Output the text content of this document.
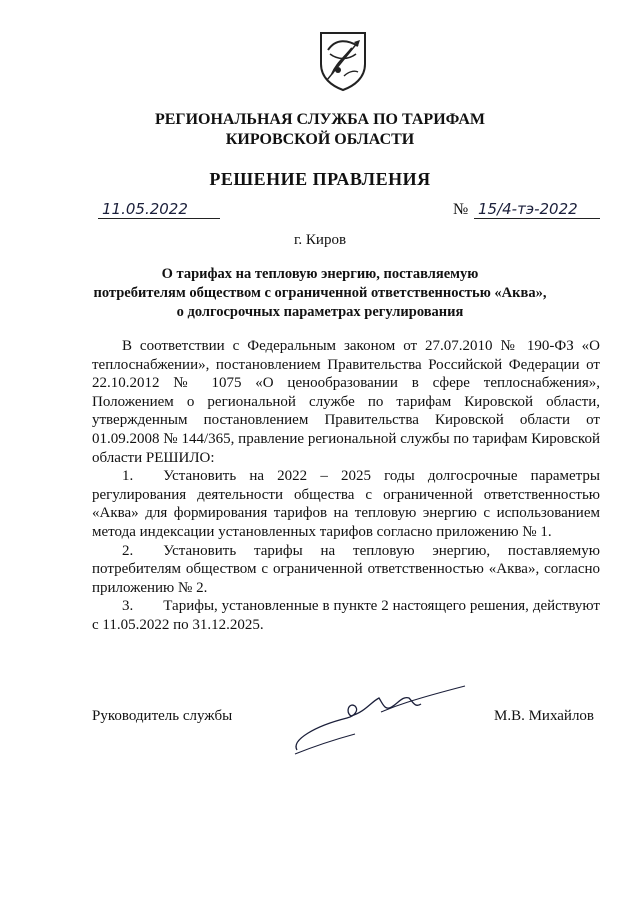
РЕГИОНАЛЬНАЯ СЛУЖБА ПО ТАРИФАМ
КИРОВСКОЙ ОБЛАСТИ
РЕШЕНИЕ ПРАВЛЕНИЯ
11.05.2022	№ 15/4-тэ-2022
г. Киров
О тарифах на тепловую энергию, поставляемую
потребителям обществом с ограниченной ответственностью «Аква»,
о долгосрочных параметрах регулирования

В соответствии с Федеральным законом от 27.07.2010 № 190-ФЗ «О теплоснабжении», постановлением Правительства Российской Федерации от 22.10.2012 № 1075 «О ценообразовании в сфере теплоснабжения», Положением о региональной службе по тарифам Кировской области, утвержденным постановлением Правительства Кировской области от 01.09.2008 № 144/365, правление региональной службы по тарифам Кировской области РЕШИЛО:

1. Установить на 2022 – 2025 годы долгосрочные параметры регулирования деятельности общества с ограниченной ответственностью «Аква» для формирования тарифов на тепловую энергию с использованием метода индексации установленных тарифов согласно приложению № 1.

2. Установить тарифы на тепловую энергию, поставляемую потребителям обществом с ограниченной ответственностью «Аква», согласно приложению № 2.

3. Тарифы, установленные в пункте 2 настоящего решения, действуют с 11.05.2022 по 31.12.2025.

Руководитель службы	М.В. Михайлов
